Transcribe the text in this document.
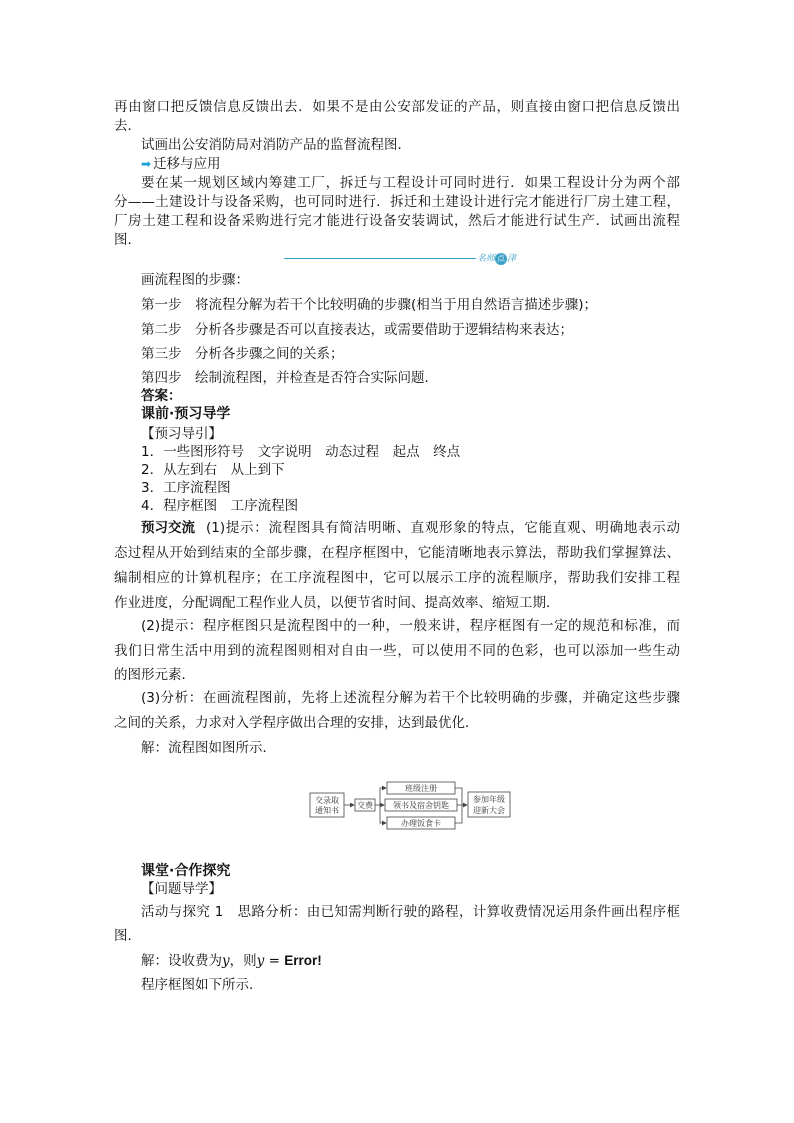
再由窗口把反馈信息反馈出去．如果不是由公安部发证的产品，则直接由窗口把信息反馈出
去．
试画出公安消防局对消防产品的监督流程图．
➡ 迁移与应用
要在某一规划区域内筹建工厂，拆迁与工程设计可同时进行．如果工程设计分为两个部
分——土建设计与设备采购，也可同时进行．拆迁和土建设计进行完才能进行厂房土建工程，
厂房土建工程和设备采购进行完才能进行设备安装调试，然后才能进行试生产．试画出流程
图．
名师 点 津
画流程图的步骤：
第一步　将流程分解为若干个比较明确的步骤(相当于用自然语言描述步骤)；
第二步　分析各步骤是否可以直接表达，或需要借助于逻辑结构来表达；
第三步　分析各步骤之间的关系；
第四步　绘制流程图，并检查是否符合实际问题．
答案：
课前·预习导学
【预习导引】
1．一些图形符号　文字说明　动态过程　起点　终点
2．从左到右　从上到下
3．工序流程图
4．程序框图　工序流程图
预习交流 (1)提示：流程图具有简洁明晰、直观形象的特点，它能直观、明确地表示动
态过程从开始到结束的全部步骤，在程序框图中，它能清晰地表示算法，帮助我们掌握算法、
编制相应的计算机程序；在工序流程图中，它可以展示工序的流程顺序，帮助我们安排工程
作业进度，分配调配工程作业人员，以便节省时间、提高效率、缩短工期．
(2)提示：程序框图只是流程图中的一种，一般来讲，程序框图有一定的规范和标准，而
我们日常生活中用到的流程图则相对自由一些，可以使用不同的色彩，也可以添加一些生动
的图形元素．
(3)分析：在画流程图前，先将上述流程分解为若干个比较明确的步骤，并确定这些步骤
之间的关系，力求对入学程序做出合理的安排，达到最优化．
解：流程图如图所示．
交录取
通知书
交费
班级注册
领书及宿舍钥匙
办理饭食卡
参加年级
迎新大会
课堂·合作探究
【问题导学】
活动与探究 1　思路分析：由已知需判断行驶的路程，计算收费情况运用条件画出程序框
图．
解：设收费为y，则y = Error!
程序框图如下所示．
